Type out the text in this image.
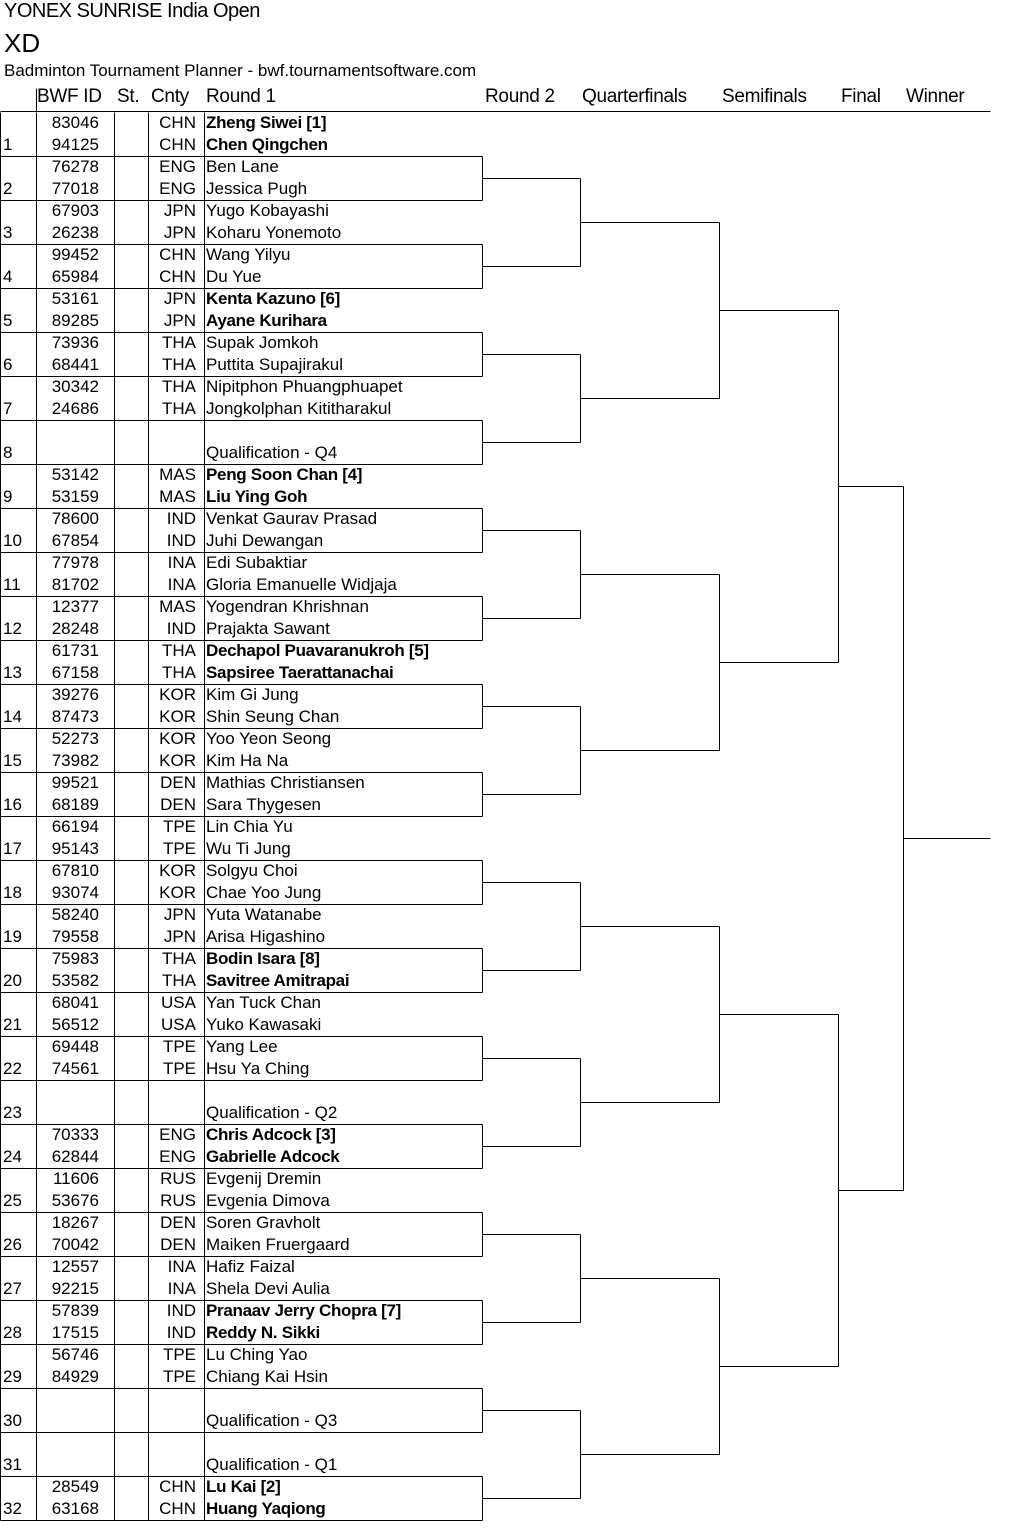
YONEX SUNRISE India Open
XD
Badminton Tournament Planner - bwf.tournamentsoftware.com
BWF ID St. Cnty Round 1	Round 2 Quarterfinals Semifinals Final Winner
1
83046	CHN Zheng Siwei [1]
94125	CHN Chen Qingchen
2
76278	ENG Ben Lane
77018	ENG Jessica Pugh
3
67903	JPN Yugo Kobayashi
26238	JPN Koharu Yonemoto
4
99452	CHN Wang Yilyu
65984	CHN Du Yue
5
53161	JPN Kenta Kazuno [6]
89285	JPN Ayane Kurihara
6
73936	THA Supak Jomkoh
68441	THA Puttita Supajirakul
7
30342	THA Nipitphon Phuangphuapet
24686	THA Jongkolphan Kititharakul
8	Qualification - Q4
9
53142	MAS Peng Soon Chan [4]
53159	MAS Liu Ying Goh
10
78600	IND Venkat Gaurav Prasad
67854	IND Juhi Dewangan
11
77978	INA Edi Subaktiar
81702	INA Gloria Emanuelle Widjaja
12
12377	MAS Yogendran Khrishnan
28248	IND Prajakta Sawant
13
61731	THA Dechapol Puavaranukroh [5]
67158	THA Sapsiree Taerattanachai
14
39276	KOR Kim Gi Jung
87473	KOR Shin Seung Chan
15
52273	KOR Yoo Yeon Seong
73982	KOR Kim Ha Na
16
99521	DEN Mathias Christiansen
68189	DEN Sara Thygesen
17
66194	TPE Lin Chia Yu
95143	TPE Wu Ti Jung
18
67810	KOR Solgyu Choi
93074	KOR Chae Yoo Jung
19
58240	JPN Yuta Watanabe
79558	JPN Arisa Higashino
20
75983	THA Bodin Isara [8]
53582	THA Savitree Amitrapai
21
68041	USA Yan Tuck Chan
56512	USA Yuko Kawasaki
22
69448	TPE Yang Lee
74561	TPE Hsu Ya Ching
23	Qualification - Q2
24
70333	ENG Chris Adcock [3]
62844	ENG Gabrielle Adcock
25
11606	RUS Evgenij Dremin
53676	RUS Evgenia Dimova
26
18267	DEN Soren Gravholt
70042	DEN Maiken Fruergaard
27
12557	INA Hafiz Faizal
92215	INA Shela Devi Aulia
28
57839	IND Pranaav Jerry Chopra [7]
17515	IND Reddy N. Sikki
29
56746	TPE Lu Ching Yao
84929	TPE Chiang Kai Hsin
30	Qualification - Q3
31	Qualification - Q1
32
28549	CHN Lu Kai [2]
63168	CHN Huang Yaqiong
